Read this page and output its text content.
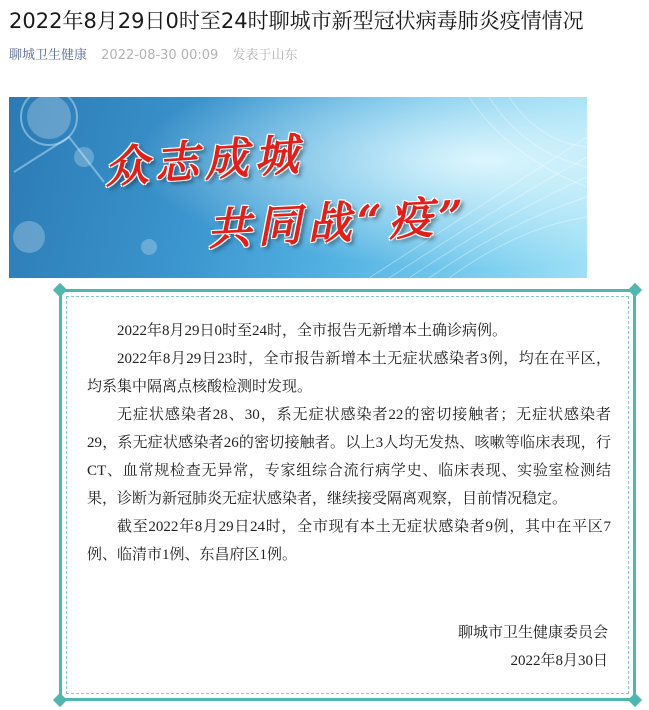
2022年8月29日0时至24时聊城市新型冠状病毒肺炎疫情情况
聊城卫生健康 2022-08-30 00:09 发表于山东
众志成城
共同战“疫”

2022年8月29日0时至24时，全市报告无新增本土确诊病例。

2022年8月29日23时，全市报告新增本土无症状感染者3例，均在在平区，均系集中隔离点核酸检测时发现。

无症状感染者28、30，系无症状感染者22的密切接触者；无症状感染者29，系无症状感染者26的密切接触者。以上3人均无发热、咳嗽等临床表现，行CT、血常规检查无异常，专家组综合流行病学史、临床表现、实验室检测结果，诊断为新冠肺炎无症状感染者，继续接受隔离观察，目前情况稳定。

截至2022年8月29日24时，全市现有本土无症状感染者9例，其中在平区7例、临清市1例、东昌府区1例。

聊城市卫生健康委员会
2022年8月30日
